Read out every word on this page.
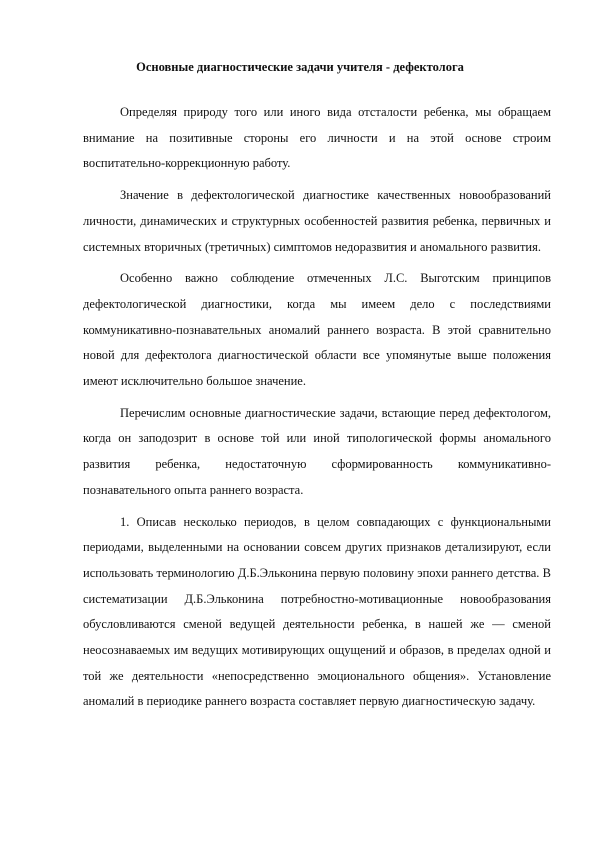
Основные диагностические задачи учителя - дефектолога

Определяя природу того или иного вида отсталости ребенка, мы обращаем внимание на позитивные стороны его личности и на этой основе строим воспитательно-коррекционную работу.

Значение в дефектологической диагностике качественных новообразований личности, динамических и структурных особенностей развития ребенка, первичных и системных вторичных (третичных) симптомов недоразвития и аномального развития.

Особенно важно соблюдение отмеченных Л.С. Выготским принципов дефектологической диагностики, когда мы имеем дело с последствиями коммуникативно-познавательных аномалий раннего возраста. В этой сравнительно новой для дефектолога диагностической области все упомянутые выше положения имеют исключительно большое значение.

Перечислим основные диагностические задачи, встающие перед дефектологом, когда он заподозрит в основе той или иной типологической формы аномального развития ребенка, недостаточную сформированность коммуникативно-познавательного опыта раннего возраста.

1. Описав несколько периодов, в целом совпадающих с функциональными периодами, выделенными на основании совсем других признаков детализируют, если использовать терминологию Д.Б.Эльконина первую половину эпохи раннего детства. В систематизации Д.Б.Эльконина потребностно-мотивационные новообразования обусловливаются сменой ведущей деятельности ребенка, в нашей же — сменой неосознаваемых им ведущих мотивирующих ощущений и образов, в пределах одной и той же деятельности «непосредственно эмоционального общения». Установление аномалий в периодике раннего возраста составляет первую диагностическую задачу.
